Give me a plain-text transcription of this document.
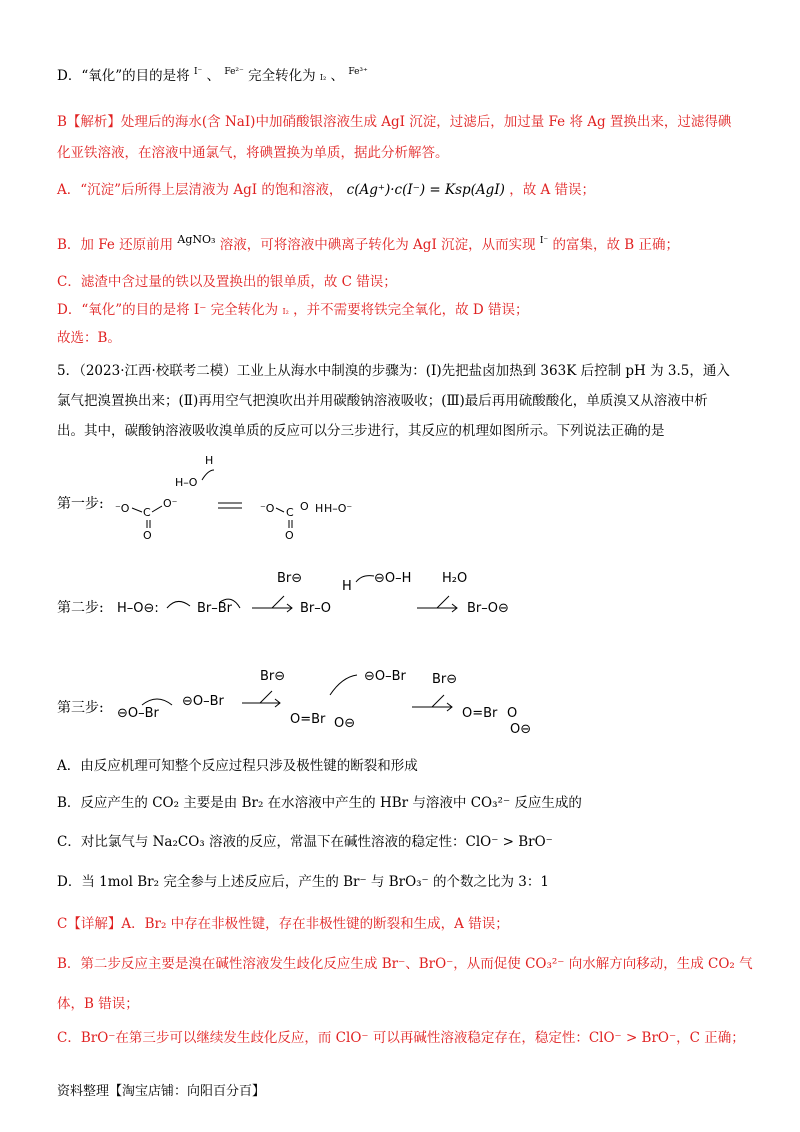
D．“氧化”的目的是将 $^{I^-}$ 、 $^{Fe^{2-}}$ 完全转化为 I₂ 、 $^{Fe^{3+}}$
B【解析】处理后的海水(含 NaI)中加硝酸银溶液生成 AgI 沉淀，过滤后，加过量 Fe 将 Ag 置换出来，过滤得碘
化亚铁溶液，在溶液中通氯气，将碘置换为单质，据此分析解答。
A．“沉淀”后所得上层清液为 AgI 的饱和溶液， c(Ag⁺)·c(I⁻) = Ksp(AgI) ，故 A 错误；
B．加 Fe 还原前用 $^{AgNO_3}$ 溶液，可将溶液中碘离子转化为 AgI 沉淀，从而实现 $^{I^-}$ 的富集，故 B 正确；
C．滤渣中含过量的铁以及置换出的银单质，故 C 错误；
D．“氧化”的目的是将 I⁻ 完全转化为 I₂ ，并不需要将铁完全氧化，故 D 错误；
故选：B。
5．（2023·江西·校联考二模）工业上从海水中制溴的步骤为：(Ⅰ)先把盐卤加热到 363K 后控制 pH 为 3.5，通入
氯气把溴置换出来；(Ⅱ)再用空气把溴吹出并用碳酸钠溶液吸收；(Ⅲ)最后再用硫酸酸化，单质溴又从溶液中析
出。其中，碳酸钠溶液吸收溴单质的反应可以分三步进行，其反应的机理如图所示。下列说法正确的是
第一步:
H
H–O
⁻O C
O
O⁻	⁻O C
O
O H H–O⁻
第二步: H–O⊖:	Br–Br
Br⊖
Br–O
H
⊖O–H H₂O
Br–O⊖
第三步: ⊖O–Br
⊖O–Br
Br⊖
O=Br O⊖
⊖O–Br Br⊖
O=Br O
O⊖
A．由反应机理可知整个反应过程只涉及极性键的断裂和形成
B．反应产生的 CO₂ 主要是由 Br₂ 在水溶液中产生的 HBr 与溶液中 CO₃²⁻ 反应生成的
C．对比氯气与 Na₂CO₃ 溶液的反应，常温下在碱性溶液的稳定性：ClO⁻ > BrO⁻
D．当 1mol Br₂ 完全参与上述反应后，产生的 Br⁻ 与 BrO₃⁻ 的个数之比为 3：1
C【详解】A．Br₂ 中存在非极性键，存在非极性键的断裂和生成，A 错误；
B．第二步反应主要是溴在碱性溶液发生歧化反应生成 Br⁻、BrO⁻，从而促使 CO₃²⁻ 向水解方向移动，生成 CO₂ 气
体，B 错误；
C．BrO⁻在第三步可以继续发生歧化反应，而 ClO⁻ 可以再碱性溶液稳定存在，稳定性：ClO⁻ > BrO⁻，C 正确；
资料整理【淘宝店铺：向阳百分百】
